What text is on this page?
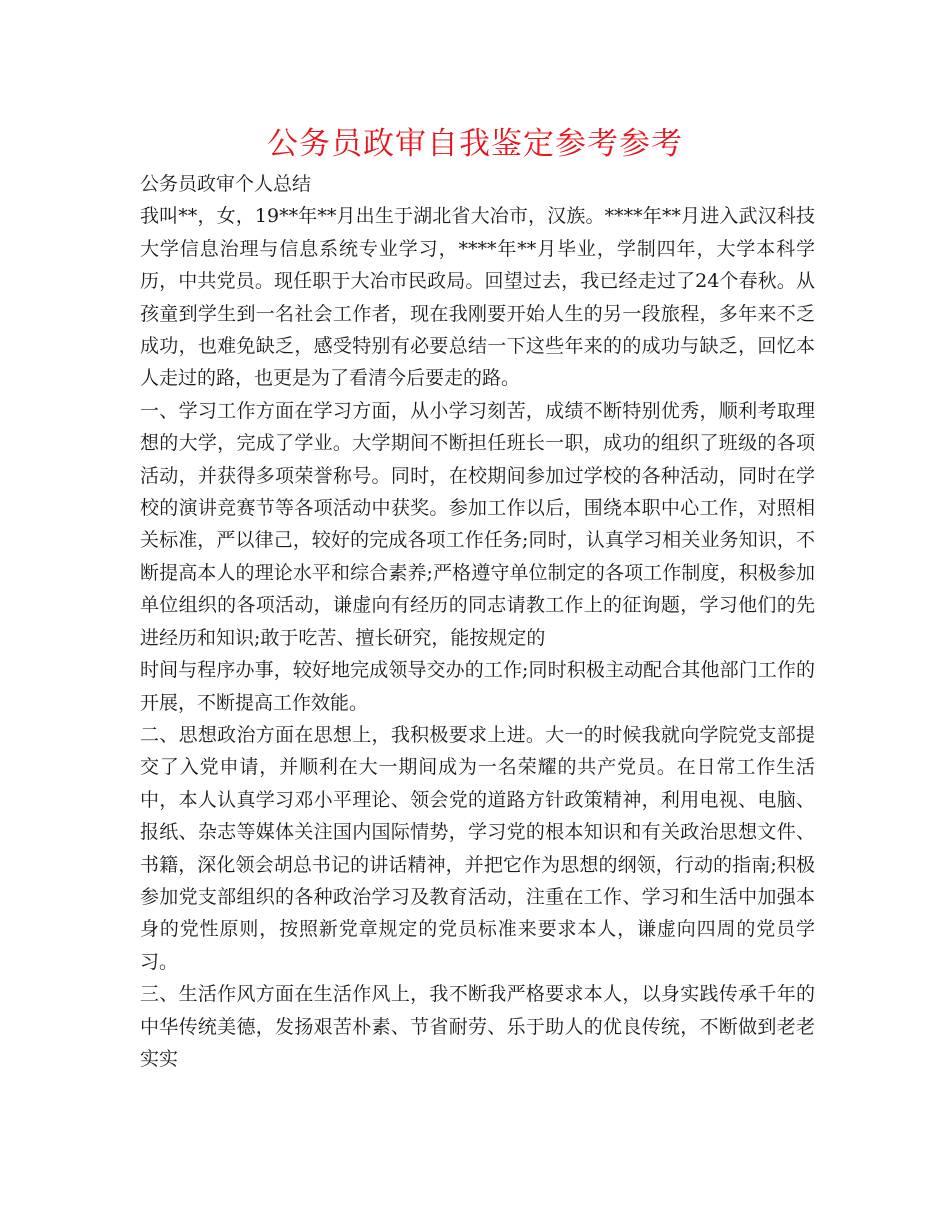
公务员政审自我鉴定参考参考

公务员政审个人总结

我叫**，女，19**年**月出生于湖北省大冶市，汉族。****年**月进入武汉科技大学信息治理与信息系统专业学习，****年**月毕业，学制四年，大学本科学历，中共党员。现任职于大冶市民政局。回望过去，我已经走过了24个春秋。从孩童到学生到一名社会工作者，现在我刚要开始人生的另一段旅程，多年来不乏成功，也难免缺乏，感受特别有必要总结一下这些年来的的成功与缺乏，回忆本人走过的路，也更是为了看清今后要走的路。

一、学习工作方面在学习方面，从小学习刻苦，成绩不断特别优秀，顺利考取理想的大学，完成了学业。大学期间不断担任班长一职，成功的组织了班级的各项活动，并获得多项荣誉称号。同时，在校期间参加过学校的各种活动，同时在学校的演讲竞赛节等各项活动中获奖。参加工作以后，围绕本职中心工作，对照相关标准，严以律己，较好的完成各项工作任务;同时，认真学习相关业务知识，不断提高本人的理论水平和综合素养;严格遵守单位制定的各项工作制度，积极参加单位组织的各项活动，谦虚向有经历的同志请教工作上的征询题，学习他们的先进经历和知识;敢于吃苦、擅长研究，能按规定的

时间与程序办事，较好地完成领导交办的工作;同时积极主动配合其他部门工作的开展，不断提高工作效能。

二、思想政治方面在思想上，我积极要求上进。大一的时候我就向学院党支部提交了入党申请，并顺利在大一期间成为一名荣耀的共产党员。在日常工作生活中，本人认真学习邓小平理论、领会党的道路方针政策精神，利用电视、电脑、报纸、杂志等媒体关注国内国际情势，学习党的根本知识和有关政治思想文件、书籍，深化领会胡总书记的讲话精神，并把它作为思想的纲领，行动的指南;积极参加党支部组织的各种政治学习及教育活动，注重在工作、学习和生活中加强本身的党性原则，按照新党章规定的党员标准来要求本人，谦虚向四周的党员学习。

三、生活作风方面在生活作风上，我不断我严格要求本人，以身实践传承千年的中华传统美德，发扬艰苦朴素、节省耐劳、乐于助人的优良传统，不断做到老老实实
